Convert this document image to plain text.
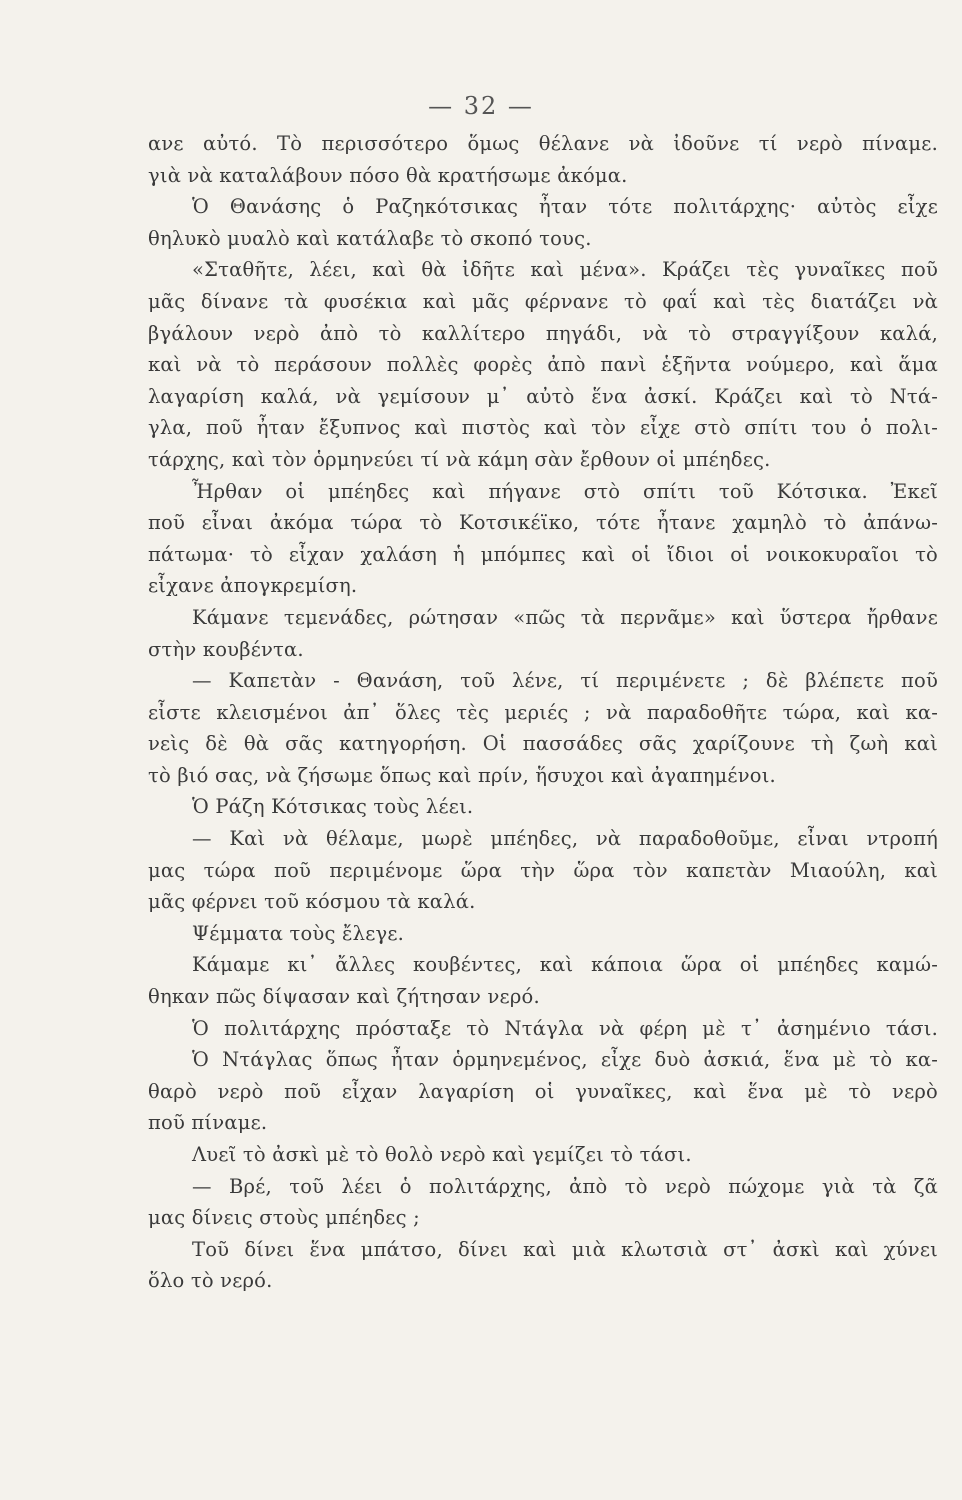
— 32 —
ανε αὐτό. Τὸ περισσότερο ὅμως θέλανε νὰ ἰδοῦνε τί νερὸ πίναμε.
γιὰ νὰ καταλάβουν πόσο θὰ κρατήσωμε ἀκόμα.
Ὁ Θανάσης ὁ Ραζηκότσικας ἦταν τότε πολιτάρχης· αὐτὸς εἶχε
θηλυκὸ μυαλὸ καὶ κατάλαβε τὸ σκοπό τους.
«Σταθῆτε, λέει, καὶ θὰ ἰδῆτε καὶ μένα». Κράζει τὲς γυναῖκες ποῦ
μᾶς δίνανε τὰ φυσέκια καὶ μᾶς φέρνανε τὸ φαΐ καὶ τὲς διατάζει νὰ
βγάλουν νερὸ ἀπὸ τὸ καλλίτερο πηγάδι, νὰ τὸ στραγγίξουν καλά,
καὶ νὰ τὸ περάσουν πολλὲς φορὲς ἀπὸ πανὶ ἑξῆντα νούμερο, καὶ ἅμα
λαγαρίση καλά, νὰ γεμίσουν μ᾽ αὐτὸ ἕνα ἀσκί. Κράζει καὶ τὸ Ντά-
γλα, ποῦ ἦταν ἔξυπνος καὶ πιστὸς καὶ τὸν εἶχε στὸ σπίτι του ὁ πολι-
τάρχης, καὶ τὸν ὁρμηνεύει τί νὰ κάμη σὰν ἔρθουν οἱ μπέηδες.
Ἦρθαν οἱ μπέηδες καὶ πήγανε στὸ σπίτι τοῦ Κότσικα. Ἐκεῖ
ποῦ εἶναι ἀκόμα τώρα τὸ Κοτσικέϊκο, τότε ἦτανε χαμηλὸ τὸ ἀπάνω-
πάτωμα· τὸ εἶχαν χαλάση ἡ μπόμπες καὶ οἱ ἴδιοι οἱ νοικοκυραῖοι τὸ
εἶχανε ἀπογκρεμίση.
Κάμανε τεμενάδες, ρώτησαν «πῶς τὰ περνᾶμε» καὶ ὕστερα ἤρθανε
στὴν κουβέντα.
— Καπετὰν - Θανάση, τοῦ λένε, τί περιμένετε ; δὲ βλέπετε ποῦ
εἶστε κλεισμένοι ἀπ᾽ ὅλες τὲς μεριές ; νὰ παραδοθῆτε τώρα, καὶ κα-
νεὶς δὲ θὰ σᾶς κατηγορήση. Οἱ πασσάδες σᾶς χαρίζουνε τὴ ζωὴ καὶ
τὸ βιό σας, νὰ ζήσωμε ὅπως καὶ πρίν, ἥσυχοι καὶ ἀγαπημένοι.
Ὁ Ράζη Κότσικας τοὺς λέει.
— Καὶ νὰ θέλαμε, μωρὲ μπέηδες, νὰ παραδοθοῦμε, εἶναι ντροπή
μας τώρα ποῦ περιμένομε ὥρα τὴν ὥρα τὸν καπετὰν Μιαούλη, καὶ
μᾶς φέρνει τοῦ κόσμου τὰ καλά.
Ψέμματα τοὺς ἔλεγε.
Κάμαμε κι᾽ ἄλλες κουβέντες, καὶ κάποια ὥρα οἱ μπέηδες καμώ-
θηκαν πῶς δίψασαν καὶ ζήτησαν νερό.
Ὁ πολιτάρχης πρόσταξε τὸ Ντάγλα νὰ φέρη μὲ τ᾽ ἀσημένιο τάσι.
Ὁ Ντάγλας ὅπως ἦταν ὁρμηνεμένος, εἶχε δυὸ ἀσκιά, ἕνα μὲ τὸ κα-
θαρὸ νερὸ ποῦ εἶχαν λαγαρίση οἱ γυναῖκες, καὶ ἕνα μὲ τὸ νερὸ
ποῦ πίναμε.
Λυεῖ τὸ ἀσκὶ μὲ τὸ θολὸ νερὸ καὶ γεμίζει τὸ τάσι.
— Βρέ, τοῦ λέει ὁ πολιτάρχης, ἀπὸ τὸ νερὸ πώχομε γιὰ τὰ ζᾶ
μας δίνεις στοὺς μπέηδες ;
Τοῦ δίνει ἕνα μπάτσο, δίνει καὶ μιὰ κλωτσιὰ στ᾽ ἀσκὶ καὶ χύνει
ὅλο τὸ νερό.
